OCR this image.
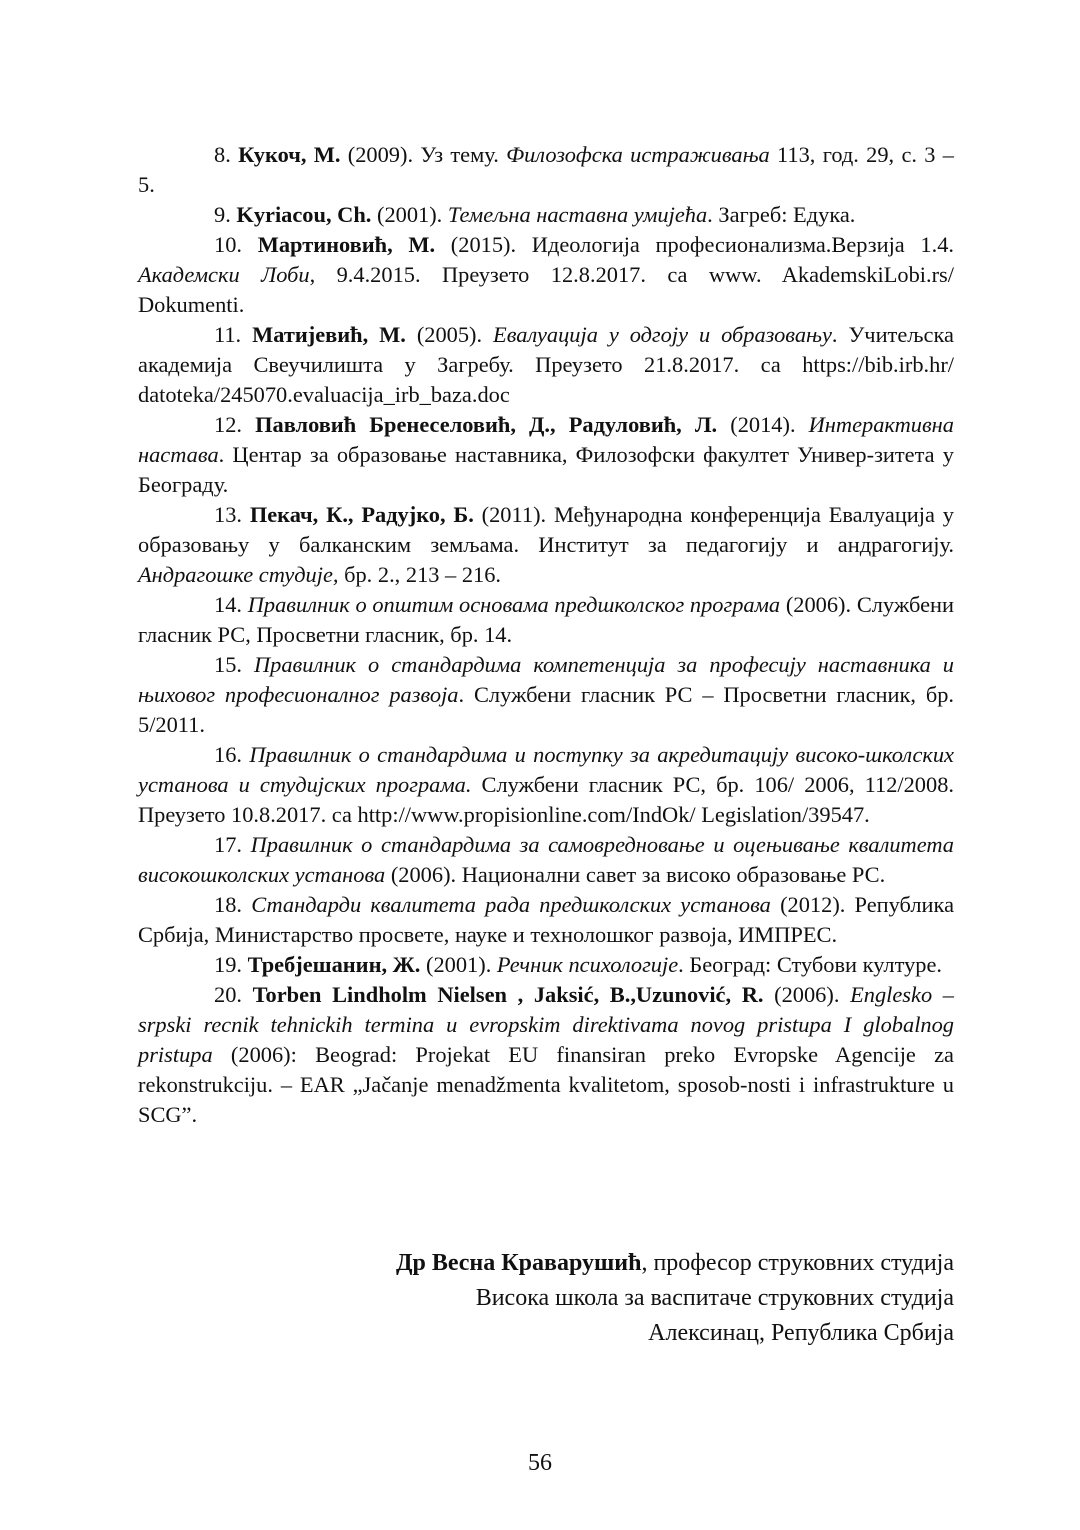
8. Кукоч, М. (2009). Уз тему. Филозофска истраживања 113, год. 29, с. 3 – 5.

9. Kyriacou, Ch. (2001). Темељна наставна умијећа. Загреб: Едука.

10. Мартиновић, М. (2015). Идеологија професионализма.Верзија 1.4. Академски Лоби, 9.4.2015. Преузето 12.8.2017. са www. AkademskiLobi.rs/ Dokumenti.

11. Матијевић, М. (2005). Евалуација у одгоју и образовању. Учитељска академија Свеучилишта у Загребу. Преузето 21.8.2017. са https://bib.irb.hr/ datoteka/245070.evaluacija_irb_baza.doc

12. Павловић Бренеселовић, Д., Радуловић, Л. (2014). Интерактивна настава. Центар за образовање наставника, Филозофски факултет Универ-зитета у Београду.

13. Пекач, К., Радујко, Б. (2011). Међународна конференција Евалуација у образовању у балканским земљама. Институт за педагогију и андрагогију. Андрагошке студије, бр. 2., 213 – 216.

14. Правилник о општим основама предшколског програма (2006). Службени гласник РС, Просветни гласник, бр. 14.

15. Правилник о стандардима компетенција за професију наставника и њиховог професионалног развоја. Службени гласник РС – Просветни гласник, бр. 5/2011.

16. Правилник о стандардима и поступку за акредитацију високо-школских установа и студијских програма. Службени гласник РС, бр. 106/ 2006, 112/2008. Преузето 10.8.2017. са http://www.propisionline.com/IndOk/ Legislation/39547.

17. Правилник о стандардима за самовредновање и оцењивање квалитета високошколских установа (2006). Национални савет за високо образовање РС.

18. Стандарди квалитета рада предшколских установа (2012). Република Србија, Министарство просвете, науке и технолошког развоја, ИМПРЕС.

19. Требјешанин, Ж. (2001). Речник психологије. Београд: Стубови културе.

20. Torben Lindholm Nielsen , Jaksić, B.,Uzunović, R. (2006). Englesko – srpski recnik tehnickih termina u evropskim direktivama novog pristupa I globalnog pristupa (2006): Beograd: Projekat EU finansiran preko Evropske Agencije za rekonstrukciju. – EAR „Jačanje menadžmenta kvalitetom, sposob-nosti i infrastrukture u SCG”.

Др Весна Краварушић, професор струковних студија
Висока школа за васпитаче струковних студија
Алексинац, Република Србија
56
